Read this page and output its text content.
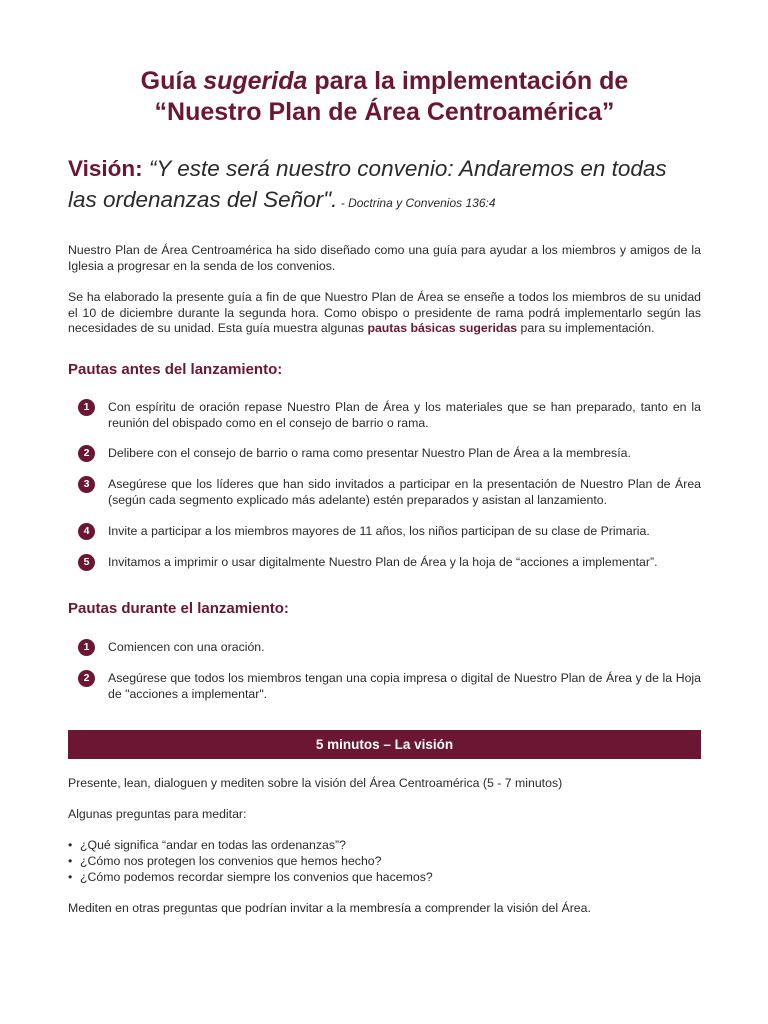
Guía sugerida para la implementación de
“Nuestro Plan de Área Centroamérica”
Visión: “Y este será nuestro convenio: Andaremos en todas las ordenanzas del Señor". - Doctrina y Convenios 136:4

Nuestro Plan de Área Centroamérica ha sido diseñado como una guía para ayudar a los miembros y amigos de la Iglesia a progresar en la senda de los convenios.

Se ha elaborado la presente guía a fin de que Nuestro Plan de Área se enseñe a todos los miembros de su unidad el 10 de diciembre durante la segunda hora. Como obispo o presidente de rama podrá implementarlo según las necesidades de su unidad. Esta guía muestra algunas pautas básicas sugeridas para su implementación.

Pautas antes del lanzamiento:
1	Con espíritu de oración repase Nuestro Plan de Área y los materiales que se han preparado, tanto en la reunión del obispado como en el consejo de barrio o rama.
2	Delibere con el consejo de barrio o rama como presentar Nuestro Plan de Área a la membresía.
3	Asegúrese que los líderes que han sido invitados a participar en la presentación de Nuestro Plan de Área (según cada segmento explicado más adelante) estén preparados y asistan al lanzamiento.
4	Invite a participar a los miembros mayores de 11 años, los niños participan de su clase de Primaria.
5	Invitamos a imprimir o usar digitalmente Nuestro Plan de Área y la hoja de “acciones a implementar”.
Pautas durante el lanzamiento:
1	Comiencen con una oración.
2	Asegúrese que todos los miembros tengan una copia impresa o digital de Nuestro Plan de Área y de la Hoja de "acciones a implementar".
5 minutos – La visión

Presente, lean, dialoguen y mediten sobre la visión del Área Centroamérica (5 - 7 minutos)

Algunas preguntas para meditar:

• ¿Qué significa “andar en todas las ordenanzas”?
• ¿Cómo nos protegen los convenios que hemos hecho?
• ¿Cómo podemos recordar siempre los convenios que hacemos?

Mediten en otras preguntas que podrían invitar a la membresía a comprender la visión del Área.
